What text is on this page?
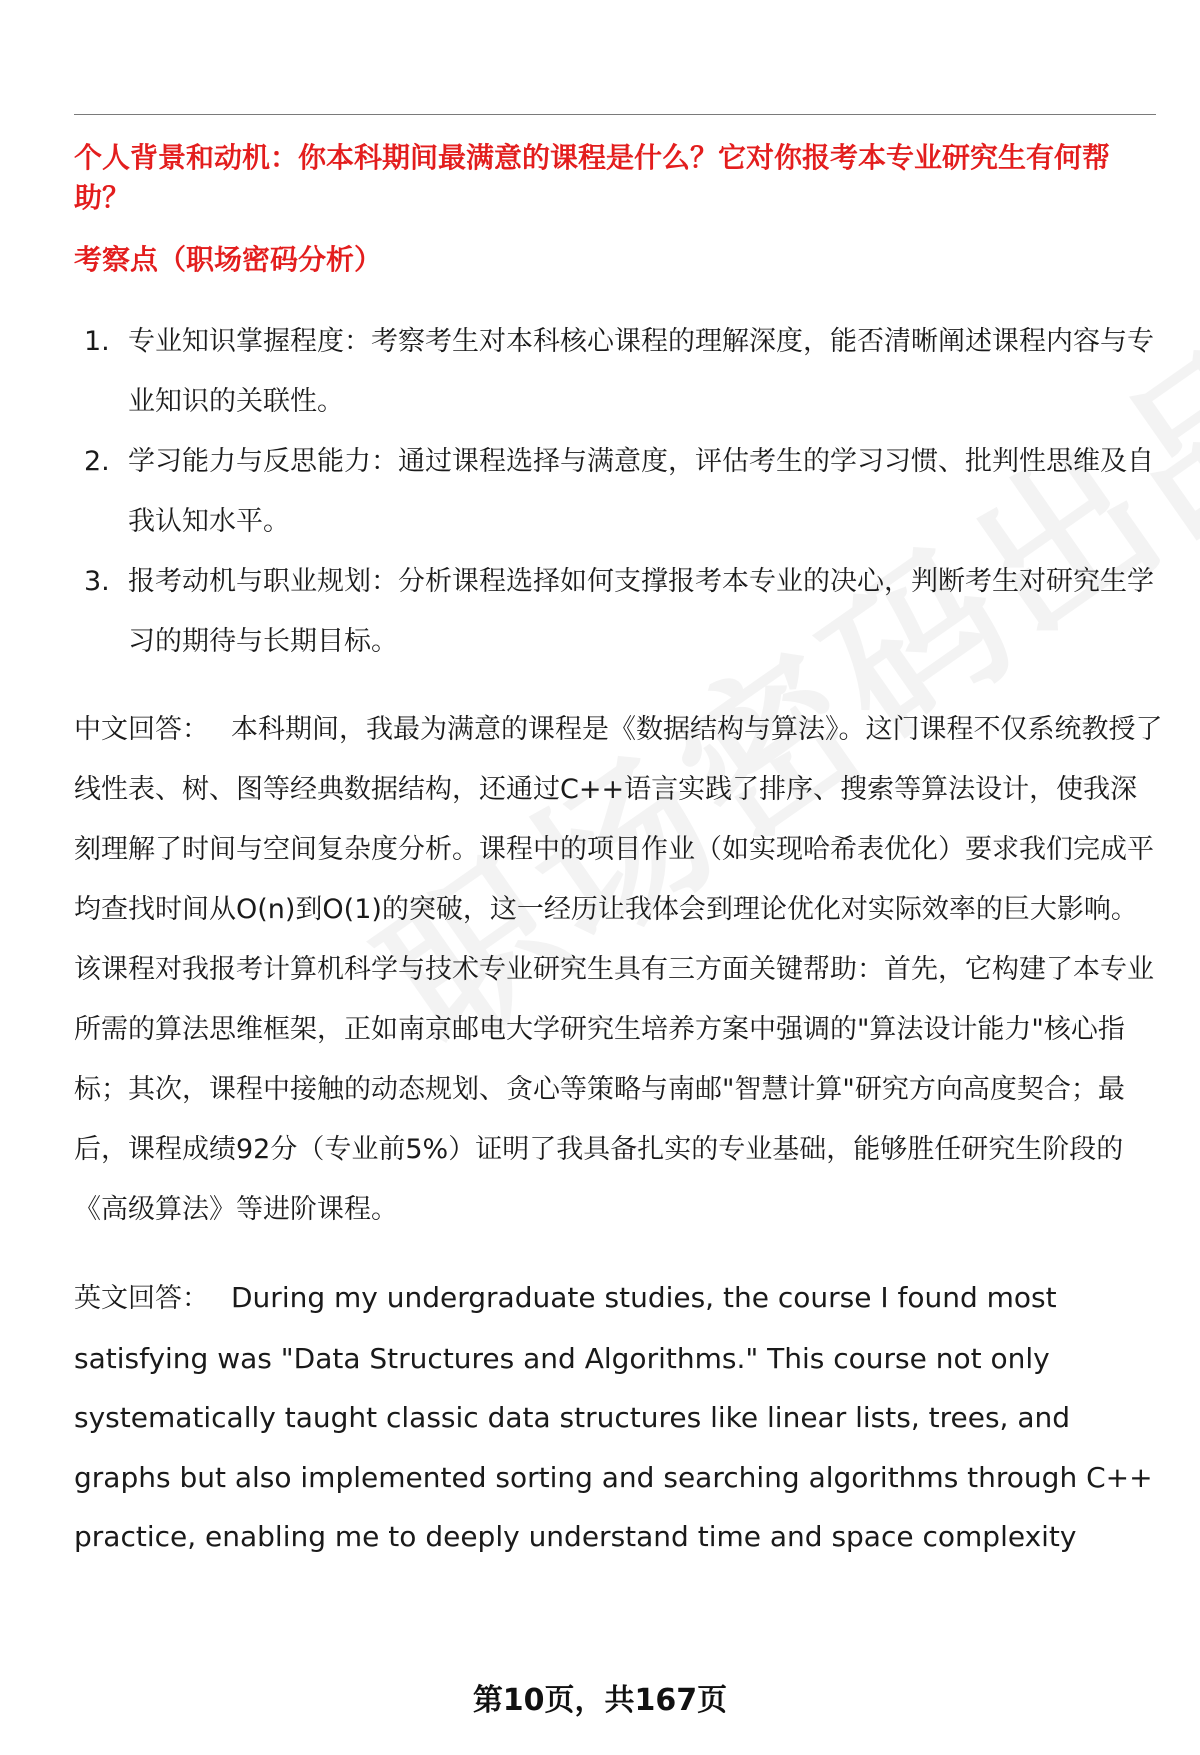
个人背景和动机：你本科期间最满意的课程是什么？它对你报考本专业研究生有何帮助？

考察点（职场密码分析）

1. 专业知识掌握程度：考察考生对本科核心课程的理解深度，能否清晰阐述课程内容与专业知识的关联性。
2. 学习能力与反思能力：通过课程选择与满意度，评估考生的学习习惯、批判性思维及自我认知水平。
3. 报考动机与职业规划：分析课程选择如何支撑报考本专业的决心，判断考生对研究生学习的期待与长期目标。

中文回答： 本科期间，我最为满意的课程是《数据结构与算法》。这门课程不仅系统教授了线性表、树、图等经典数据结构，还通过C++语言实践了排序、搜索等算法设计，使我深刻理解了时间与空间复杂度分析。课程中的项目作业（如实现哈希表优化）要求我们完成平均查找时间从O(n)到O(1)的突破，这一经历让我体会到理论优化对实际效率的巨大影响。该课程对我报考计算机科学与技术专业研究生具有三方面关键帮助：首先，它构建了本专业所需的算法思维框架，正如南京邮电大学研究生培养方案中强调的"算法设计能力"核心指标；其次，课程中接触的动态规划、贪心等策略与南邮"智慧计算"研究方向高度契合；最后，课程成绩92分（专业前5%）证明了我具备扎实的专业基础，能够胜任研究生阶段的《高级算法》等进阶课程。

英文回答： During my undergraduate studies, the course I found most satisfying was "Data Structures and Algorithms." This course not only systematically taught classic data structures like linear lists, trees, and graphs but also implemented sorting and searching algorithms through C++ practice, enabling me to deeply understand time and space complexity

第10页，共167页
